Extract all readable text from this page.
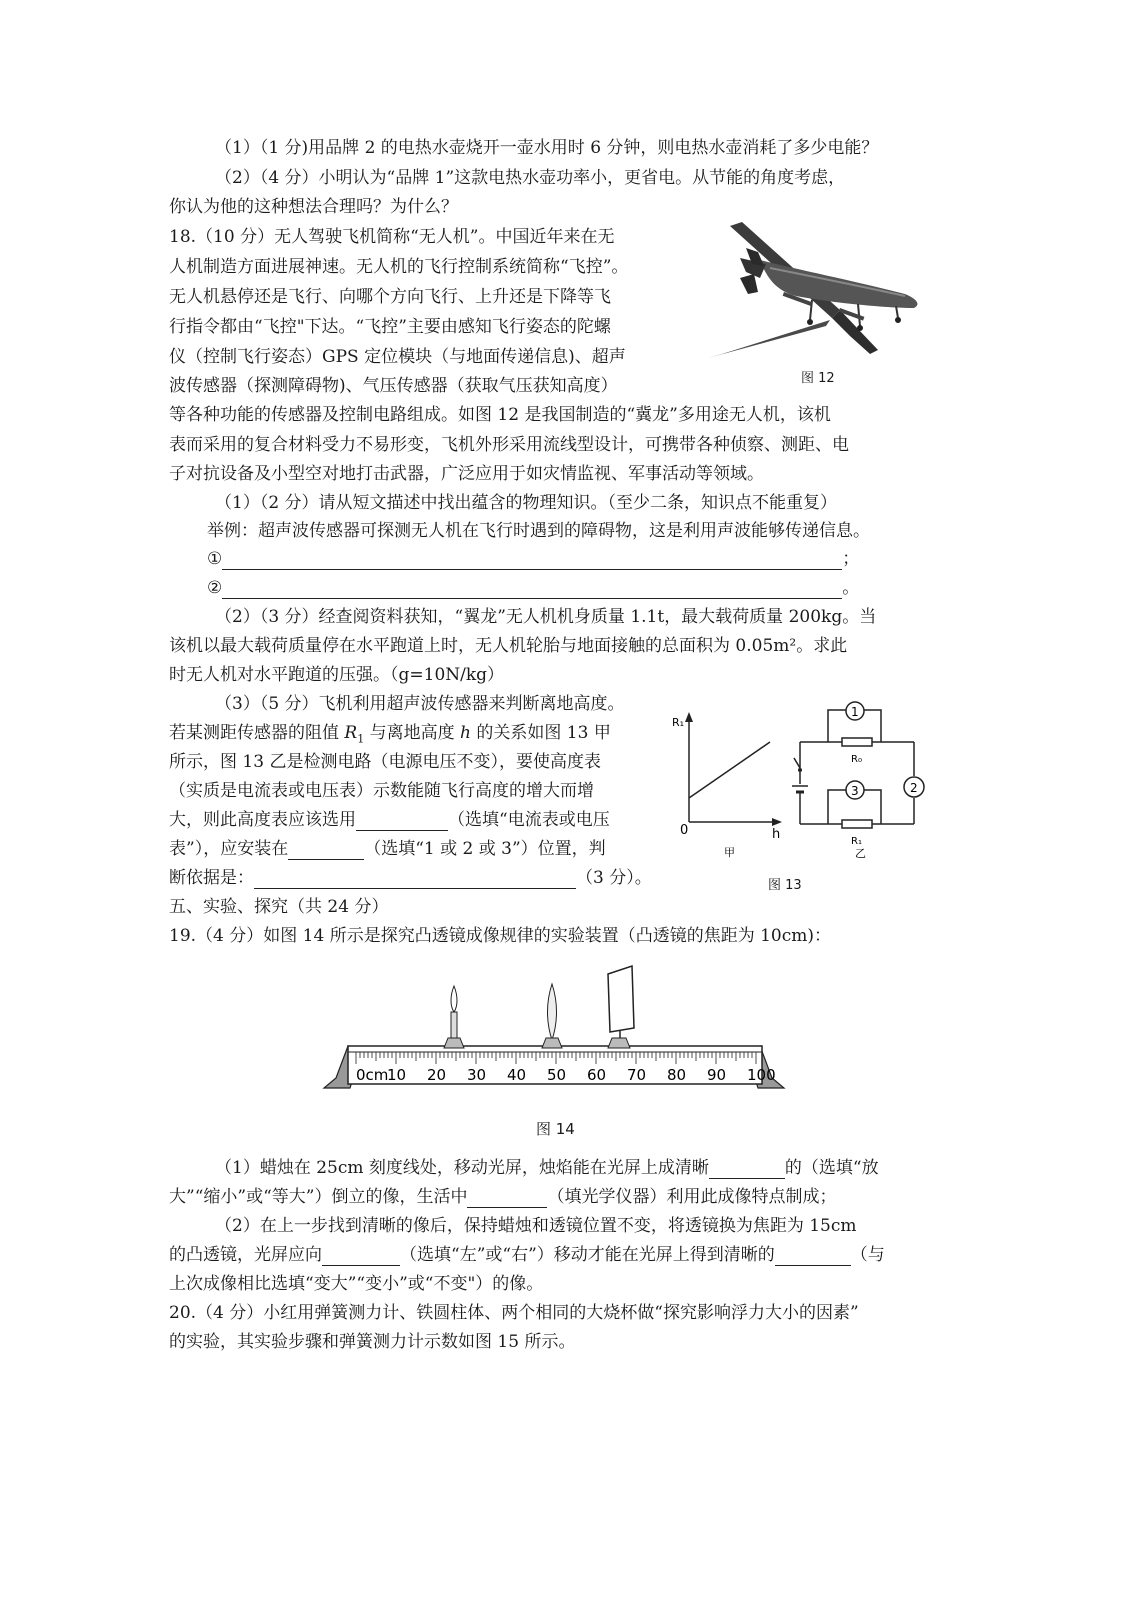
（1）（1 分)用品牌 2 的电热水壶烧开一壶水用时 6 分钟，则电热水壶消耗了多少电能？
（2）（4 分）小明认为“品牌 1”这款电热水壶功率小，更省电。从节能的角度考虑，
你认为他的这种想法合理吗？为什么？
18.（10 分）无人驾驶飞机简称“无人机”。中国近年来在无
人机制造方面进展神速。无人机的飞行控制系统简称“飞控”。
无人机悬停还是飞行、向哪个方向飞行、上升还是下降等飞
行指令都由“飞控"下达。“飞控”主要由感知飞行姿态的陀螺
仪（控制飞行姿态）GPS 定位模块（与地面传递信息)、超声
波传感器（探测障碍物)、气压传感器（获取气压获知高度）
等各种功能的传感器及控制电路组成。如图 12 是我国制造的“冀龙”多用途无人机，该机
表而采用的复合材料受力不易形变，飞机外形采用流线型设计，可携带各种侦察、测距、电
子对抗设备及小型空对地打击武器，广泛应用于如灾情监视、军事活动等领域。
图 12
（1）（2 分）请从短文描述中找出蕴含的物理知识。（至少二条，知识点不能重复）
举例：超声波传感器可探测无人机在飞行时遇到的障碍物，这是利用声波能够传递信息。
①	；
②	。
（2）（3 分）经查阅资料获知，“翼龙”无人机机身质量 1.1t，最大载荷质量 200kg。当
该机以最大载荷质量停在水平跑道上时，无人机轮胎与地面接触的总面积为 0.05m²。求此
时无人机对水平跑道的压强。（g=10N/kg）
（3）（5 分）飞机利用超声波传感器来判断离地高度。
若某测距传感器的阻值 $R_1$ 与离地高度 h 的关系如图 13 甲
所示，图 13 乙是检测电路（电源电压不变），要使高度表
（实质是电流表或电压表）示数能随飞行高度的增大而增
大，则此高度表应该选用	（选填“电流表或电压
表”），应安装在	（选填“1 或 2 或 3”）位置，判
断依据是：	（3 分）。
R₁
0	h
甲
R₀
1
2
3
R₁
乙
图 13
五、实验、探究（共 24 分）
19.（4 分）如图 14 所示是探究凸透镜成像规律的实验装置（凸透镜的焦距为 10cm)：
0cm
10 20 30 40 50 60 70 80 90 100
图 14
（1）蜡烛在 25cm 刻度线处，移动光屏，烛焰能在光屏上成清晰	的（选填“放
大”“缩小”或“等大”）倒立的像，生活中	（填光学仪器）利用此成像特点制成；
（2）在上一步找到清晰的像后，保持蜡烛和透镜位置不变，将透镜换为焦距为 15cm
的凸透镜，光屏应向	（选填“左”或“右”）移动才能在光屏上得到清晰的	（与
上次成像相比选填“变大”“变小”或“不变"）的像。
20.（4 分）小红用弹簧测力计、铁圆柱体、两个相同的大烧杯做“探究影响浮力大小的因素”
的实验，其实验步骤和弹簧测力计示数如图 15 所示。
